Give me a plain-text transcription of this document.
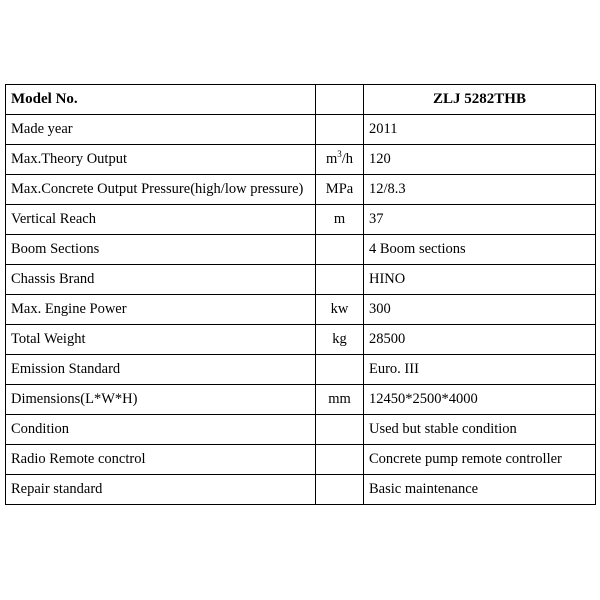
Model No.		ZLJ 5282THB
Made year		2011
Max.Theory Output	$m^3/h$	120
Max.Concrete Output Pressure(high/low pressure)	MPa	12/8.3
Vertical Reach	m	37
Boom Sections		4 Boom sections
Chassis Brand		HINO
Max. Engine Power	kw	300
Total Weight	kg	28500
Emission Standard		Euro. III
Dimensions(L*W*H)	mm	12450*2500*4000
Condition		Used but stable condition
Radio Remote conctrol		Concrete pump remote controller
Repair standard		Basic maintenance
